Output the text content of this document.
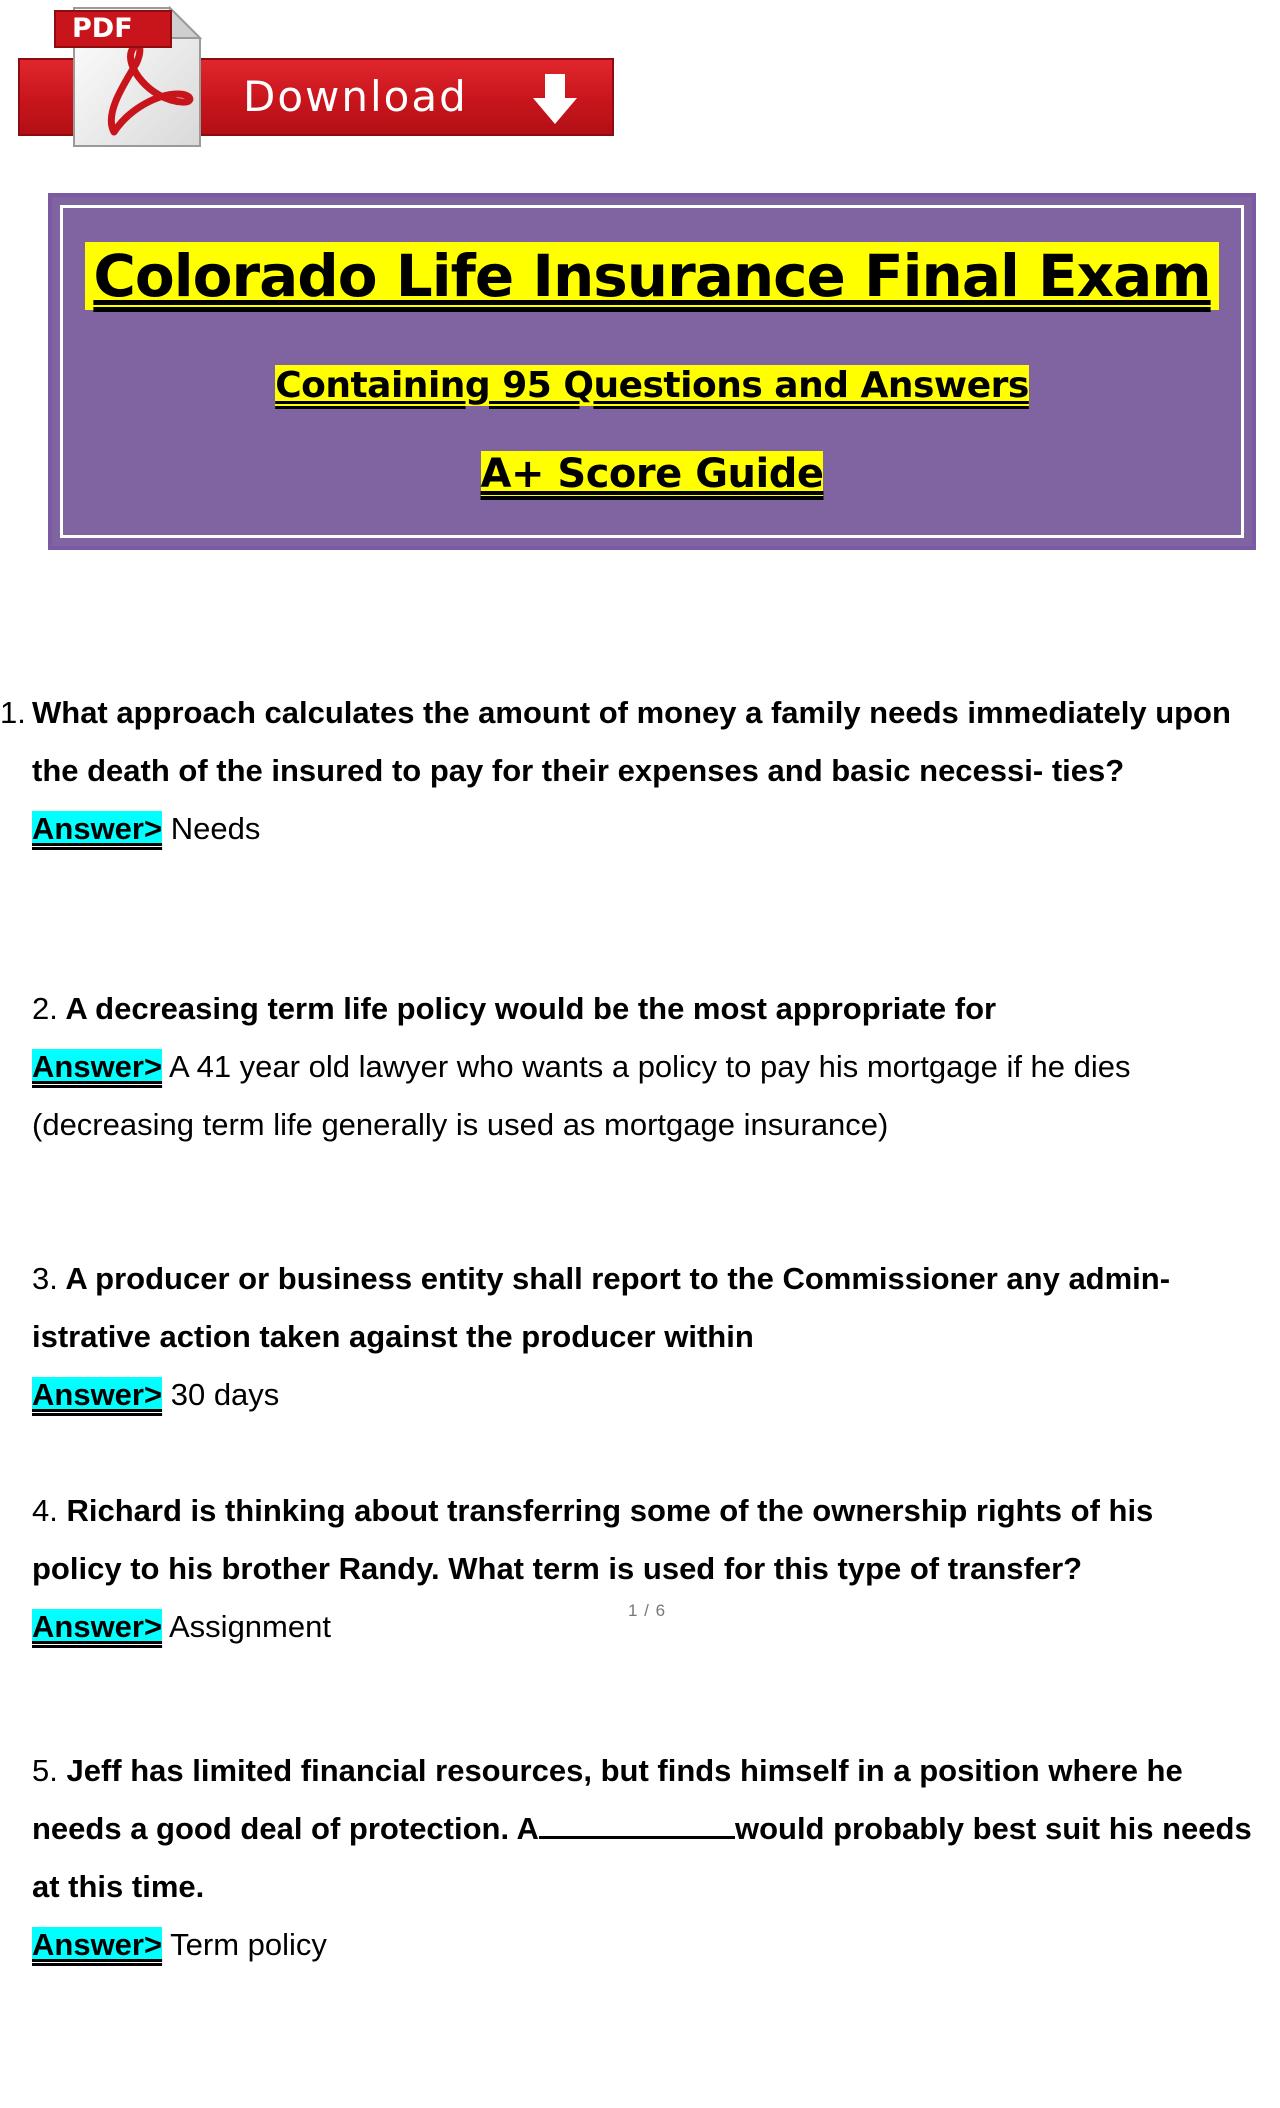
PDF
Download
Colorado Life Insurance Final Exam
Containing 95 Questions and Answers
A+ Score Guide
1. What approach calculates the amount of money a family needs immediately upon the death of the insured to pay for their expenses and basic necessi- ties?
Answer> Needs
2. A decreasing term life policy would be the most appropriate for
Answer> A 41 year old lawyer who wants a policy to pay his mortgage if he dies (decreasing term life generally is used as mortgage insurance)
3. A producer or business entity shall report to the Commissioner any admin- istrative action taken against the producer within
Answer> 30 days
4. Richard is thinking about transferring some of the ownership rights of his policy to his brother Randy. What term is used for this type of transfer?
Answer> Assignment	1 / 6
5. Jeff has limited financial resources, but finds himself in a position where he needs a good deal of protection. A	would probably best suit his needs at this time.
Answer> Term policy
